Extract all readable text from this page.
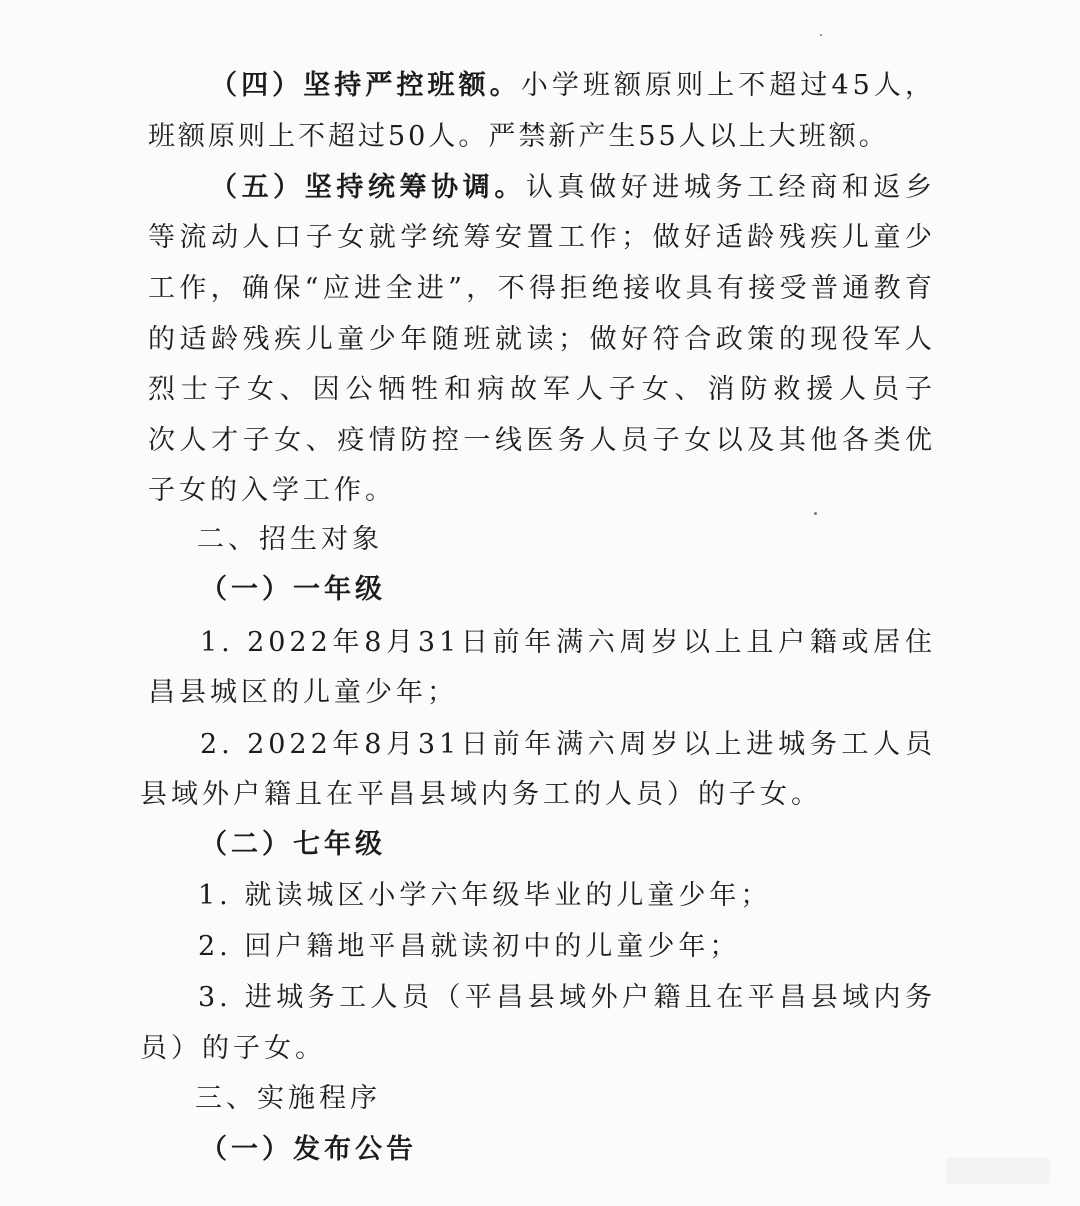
（四）坚持严控班额。小学班额原则上不超过45人，
班额原则上不超过50人。严禁新产生55人以上大班额。
（五）坚持统筹协调。认真做好进城务工经商和返乡
等流动人口子女就学统筹安置工作；做好适龄残疾儿童少
工作，确保“应进全进”，不得拒绝接收具有接受普通教育
的适龄残疾儿童少年随班就读；做好符合政策的现役军人
烈士子女、因公牺牲和病故军人子女、消防救援人员子
次人才子女、疫情防控一线医务人员子女以及其他各类优
子女的入学工作。
二、招生对象
（一）一年级
1. 2022年8月31日前年满六周岁以上且户籍或居住
昌县城区的儿童少年；
2. 2022年8月31日前年满六周岁以上进城务工人员
县域外户籍且在平昌县域内务工的人员）的子女。
（二）七年级
1. 就读城区小学六年级毕业的儿童少年；
2. 回户籍地平昌就读初中的儿童少年；
3. 进城务工人员（平昌县域外户籍且在平昌县域内务
员）的子女。
三、实施程序
（一）发布公告
